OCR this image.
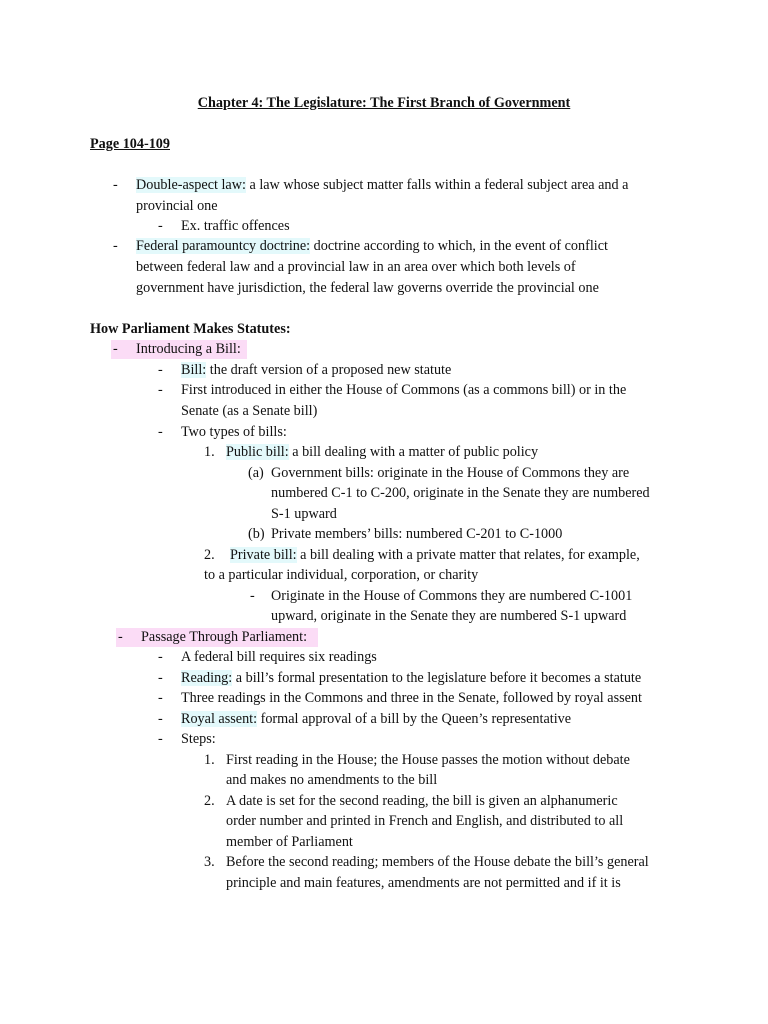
Chapter 4: The Legislature: The First Branch of Government
Page 104-109
- Double-aspect law: a law whose subject matter falls within a federal subject area and a
provincial one
- Ex. traffic offences
- Federal paramountcy doctrine: doctrine according to which, in the event of conflict
between federal law and a provincial law in an area over which both levels of
government have jurisdiction, the federal law governs override the provincial one
How Parliament Makes Statutes:
- Introducing a Bill:
- Bill: the draft version of a proposed new statute
- First introduced in either the House of Commons (as a commons bill) or in the
Senate (as a Senate bill)
- Two types of bills:
1. Public bill: a bill dealing with a matter of public policy
(a) Government bills: originate in the House of Commons they are
numbered C-1 to C-200, originate in the Senate they are numbered
S-1 upward
(b) Private members’ bills: numbered C-201 to C-1000
2. Private bill: a bill dealing with a private matter that relates, for example,
to a particular individual, corporation, or charity
- Originate in the House of Commons they are numbered C-1001
upward, originate in the Senate they are numbered S-1 upward
- Passage Through Parliament:
- A federal bill requires six readings
- Reading: a bill’s formal presentation to the legislature before it becomes a statute
- Three readings in the Commons and three in the Senate, followed by royal assent
- Royal assent: formal approval of a bill by the Queen’s representative
- Steps:
1. First reading in the House; the House passes the motion without debate
and makes no amendments to the bill
2. A date is set for the second reading, the bill is given an alphanumeric
order number and printed in French and English, and distributed to all
member of Parliament
3. Before the second reading; members of the House debate the bill’s general
principle and main features, amendments are not permitted and if it is
